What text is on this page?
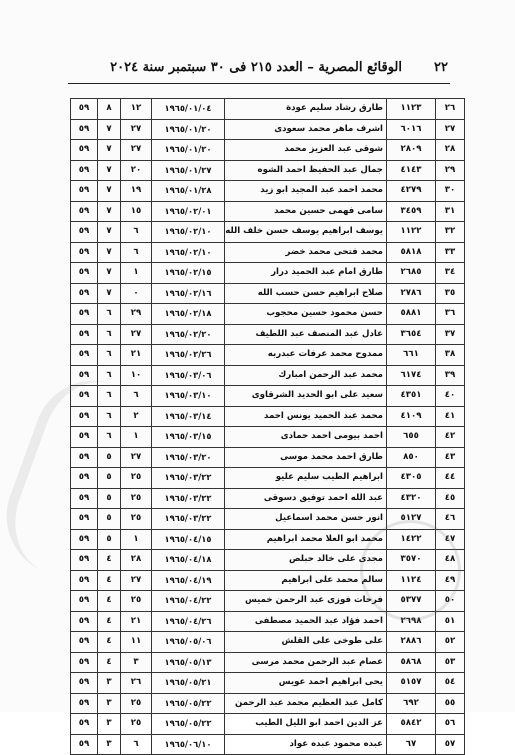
٢٢
الوقائع المصرية – العدد ٢١٥ فى ٣٠ سبتمبر سنة ٢٠٢٤
٢٦	١١٢٣	طارق رشاد سليم عودة	١٩٦٥/٠١/٠٤	١٢	٨	٥٩
٢٧	٦٠١٦	اشرف ماهر محمد سعودى	١٩٦٥/٠١/٢٠	٢٧	٧	٥٩
٢٨	٢٨٠٩	شوقى عبد العزيز محمد	١٩٦٥/٠١/٢٠	٢٧	٧	٥٩
٢٩	٤١٤٣	جمال عبد الحفيظ احمد الشوه	١٩٦٥/٠١/٢٧	٢٠	٧	٥٩
٣٠	٤٢٧٩	محمد احمد عبد المجيد ابو زيد	١٩٦٥/٠١/٢٨	١٩	٧	٥٩
٣١	٣٤٥٩	سامى فهمى حسين محمد	١٩٦٥/٠٢/٠١	١٥	٧	٥٩
٣٢	١١٢٢	يوسف ابراهيم يوسف حسن خلف الله	١٩٦٥/٠٢/١٠	٦	٧	٥٩
٣٣	٥٨١٨	محمد فتحى محمد خضر	١٩٦٥/٠٢/١٠	٦	٧	٥٩
٣٤	٢٦٨٥	طارق امام عبد الحميد درار	١٩٦٥/٠٢/١٥	١	٧	٥٩
٣٥	٢٧٨٦	صلاح ابراهيم حسن حسب الله	١٩٦٥/٠٢/١٦	٠	٧	٥٩
٣٦	٥٨٨١	حسن محمود حسين محجوب	١٩٦٥/٠٢/١٨	٢٩	٦	٥٩
٣٧	٣٦٥٤	عادل عبد المنصف عبد اللطيف	١٩٦٥/٠٢/٢٠	٢٧	٦	٥٩
٣٨	٦٦١	ممدوح محمد عرفات عبدربه	١٩٦٥/٠٢/٢٦	٢١	٦	٥٩
٣٩	٦١٧٤	محمد عبد الرحمن امبارك	١٩٦٥/٠٣/٠٦	١٠	٦	٥٩
٤٠	٤٣٥١	سعيد على ابو الحديد الشرقاوى	١٩٦٥/٠٣/١٠	٦	٦	٥٩
٤١	٤١٠٩	محمد عبد الحميد يونس احمد	١٩٦٥/٠٣/١٤	٢	٦	٥٩
٤٢	٦٥٥	احمد بيومى احمد حمادى	١٩٦٥/٠٣/١٥	١	٦	٥٩
٤٣	٨٥٠	طارق احمد محمد موسى	١٩٦٥/٠٣/٢٠	٢٧	٥	٥٩
٤٤	٤٣٠٥	ابراهيم الطيب سليم عليو	١٩٦٥/٠٣/٢٢	٢٥	٥	٥٩
٤٥	٤٣٢٠	عبد الله احمد توفيق دسوقى	١٩٦٥/٠٣/٢٢	٢٥	٥	٥٩
٤٦	٥١٢٧	انور حسن محمد اسماعيل	١٩٦٥/٠٣/٢٢	٢٥	٥	٥٩
٤٧	١٤٢٢	محمد ابو العلا محمد ابراهيم	١٩٦٥/٠٤/١٥	١	٥	٥٩
٤٨	٣٥٧٠	مجدى على خالد حبلص	١٩٦٥/٠٤/١٨	٢٨	٤	٥٩
٤٩	١١٢٤	سالم محمد على ابراهيم	١٩٦٥/٠٤/١٩	٢٧	٤	٥٩
٥٠	٥٣٧٧	فرحات فوزى عبد الرحمن خميس	١٩٦٥/٠٤/٢٢	٢٥	٤	٥٩
٥١	٢٦٩٨	احمد فؤاد عبد الحميد مصطفى	١٩٦٥/٠٤/٢٦	٢١	٤	٥٩
٥٢	٢٨٨٦	على طوخى على القلش	١٩٦٥/٠٥/٠٦	١١	٤	٥٩
٥٣	٥٨٦٨	عصام عبد الرحمن محمد مرسى	١٩٦٥/٠٥/١٣	٣	٤	٥٩
٥٤	٥١٥٧	يحى ابراهيم احمد عويس	١٩٦٥/٠٥/٢١	٢٦	٣	٥٩
٥٥	٦٩٢	كامل عبد العظيم محمد عبد الرحمن	١٩٦٥/٠٥/٢٢	٢٥	٣	٥٩
٥٦	٥٨٤٢	عز الدين احمد ابو الليل الطيب	١٩٦٥/٠٥/٢٢	٢٥	٣	٥٩
٥٧	٦٧	عبده محمود عبده عواد	١٩٦٥/٠٦/١٠	٦	٣	٥٩
